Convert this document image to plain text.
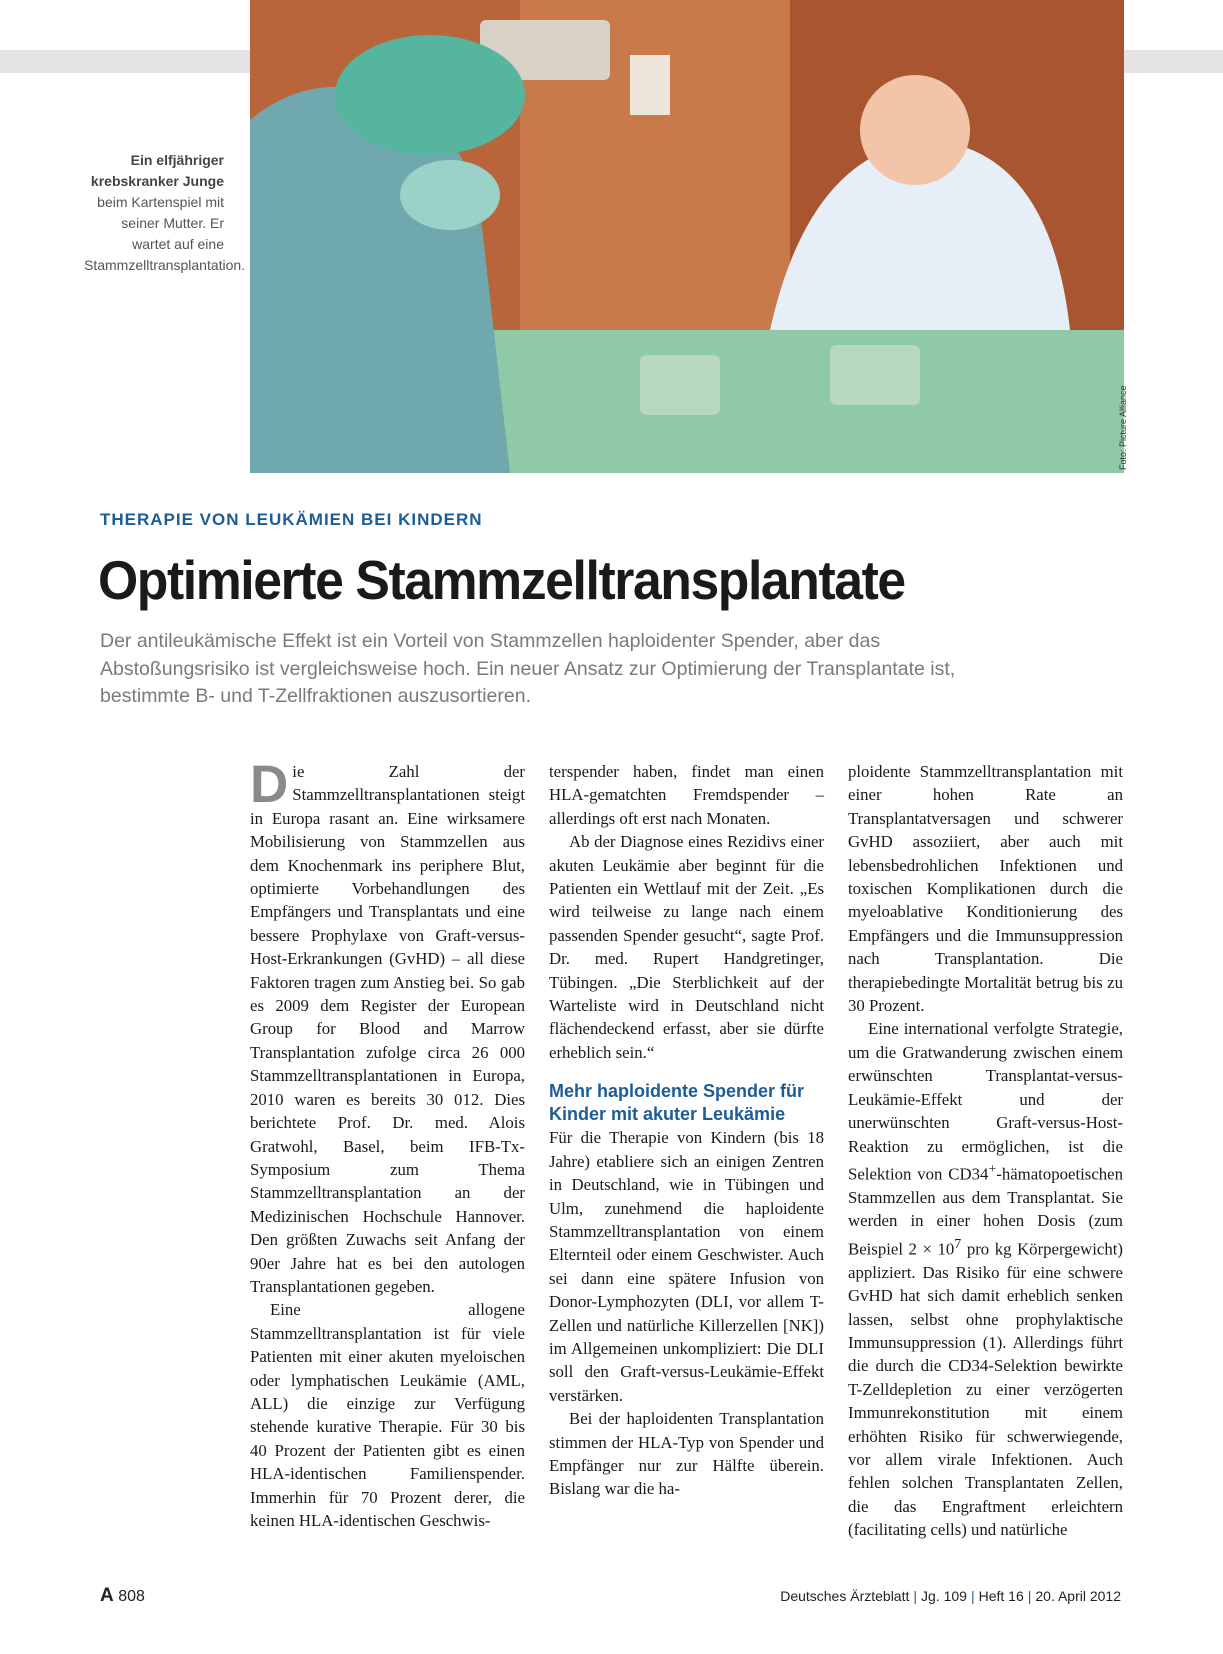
Foto: Picture Alliance
Ein elfjähriger krebskranker Junge beim Kartenspiel mit seiner Mutter. Er wartet auf eine Stammzelltransplantation.
THERAPIE VON LEUKÄMIEN BEI KINDERN
Optimierte Stammzelltransplantate
Der antileukämische Effekt ist ein Vorteil von Stammzellen haploidenter Spender, aber das Abstoßungsrisiko ist vergleichsweise hoch. Ein neuer Ansatz zur Optimierung der Transplantate ist, bestimmte B- und T-Zellfraktionen auszusortieren.
D ie Zahl der Stammzelltransplantationen steigt in Europa rasant an. Eine wirksamere Mobilisierung von Stammzellen aus dem Knochenmark ins periphere Blut, optimierte Vorbehandlungen des Empfängers und Transplantats und eine bessere Prophylaxe von Graft-versus-Host-Erkrankungen (GvHD) – all diese Faktoren tragen zum Anstieg bei. So gab es 2009 dem Register der European Group for Blood and Marrow Transplantation zufolge circa 26 000 Stammzelltransplantationen in Europa, 2010 waren es bereits 30 012. Dies berichtete Prof. Dr. med. Alois Gratwohl, Basel, beim IFB-Tx-Symposium zum Thema Stammzelltransplantation an der Medizinischen Hochschule Hannover. Den größten Zuwachs seit Anfang der 90er Jahre hat es bei den autologen Transplantationen gegeben.

Eine allogene Stammzelltransplantation ist für viele Patienten mit einer akuten myeloischen oder lymphatischen Leukämie (AML, ALL) die einzige zur Verfügung stehende kurative Therapie. Für 30 bis 40 Prozent der Patienten gibt es einen HLA-identischen Familienspender. Immerhin für 70 Prozent derer, die keinen HLA-identischen Geschwis-

terspender haben, findet man einen HLA-gematchten Fremdspender – allerdings oft erst nach Monaten.

Ab der Diagnose eines Rezidivs einer akuten Leukämie aber beginnt für die Patienten ein Wettlauf mit der Zeit. „Es wird teilweise zu lange nach einem passenden Spender gesucht“, sagte Prof. Dr. med. Rupert Handgretinger, Tübingen. „Die Sterblichkeit auf der Warteliste wird in Deutschland nicht flächendeckend erfasst, aber sie dürfte erheblich sein.“

Mehr haploidente Spender für Kinder mit akuter Leukämie

Für die Therapie von Kindern (bis 18 Jahre) etabliere sich an einigen Zentren in Deutschland, wie in Tübingen und Ulm, zunehmend die haploidente Stammzelltransplantation von einem Elternteil oder einem Geschwister. Auch sei dann eine spätere Infusion von Donor-Lymphozyten (DLI, vor allem T-Zellen und natürliche Killerzellen [NK]) im Allgemeinen unkompliziert: Die DLI soll den Graft-versus-Leukämie-Effekt verstärken.

Bei der haploidenten Transplantation stimmen der HLA-Typ von Spender und Empfänger nur zur Hälfte überein. Bislang war die ha-

ploidente Stammzelltransplantation mit einer hohen Rate an Transplantatversagen und schwerer GvHD assoziiert, aber auch mit lebensbedrohlichen Infektionen und toxischen Komplikationen durch die myeloablative Konditionierung des Empfängers und die Immunsuppression nach Transplantation. Die therapiebedingte Mortalität betrug bis zu 30 Prozent.

Eine international verfolgte Strategie, um die Gratwanderung zwischen einem erwünschten Transplantat-versus-Leukämie-Effekt und der unerwünschten Graft-versus-Host-Reaktion zu ermöglichen, ist die Selektion von CD34+-hämatopoetischen Stammzellen aus dem Transplantat. Sie werden in einer hohen Dosis (zum Beispiel $2 \times 10^7$ pro kg Körpergewicht) appliziert. Das Risiko für eine schwere GvHD hat sich damit erheblich senken lassen, selbst ohne prophylaktische Immunsuppression (1). Allerdings führt die durch die CD34-Selektion bewirkte T-Zelldepletion zu einer verzögerten Immunrekonstitution mit einem erhöhten Risiko für schwerwiegende, vor allem virale Infektionen. Auch fehlen solchen Transplantaten Zellen, die das Engraftment erleichtern (facilitating cells) und natürliche

A 808	Deutsches Ärzteblatt | Jg. 109 | Heft 16 | 20. April 2012
